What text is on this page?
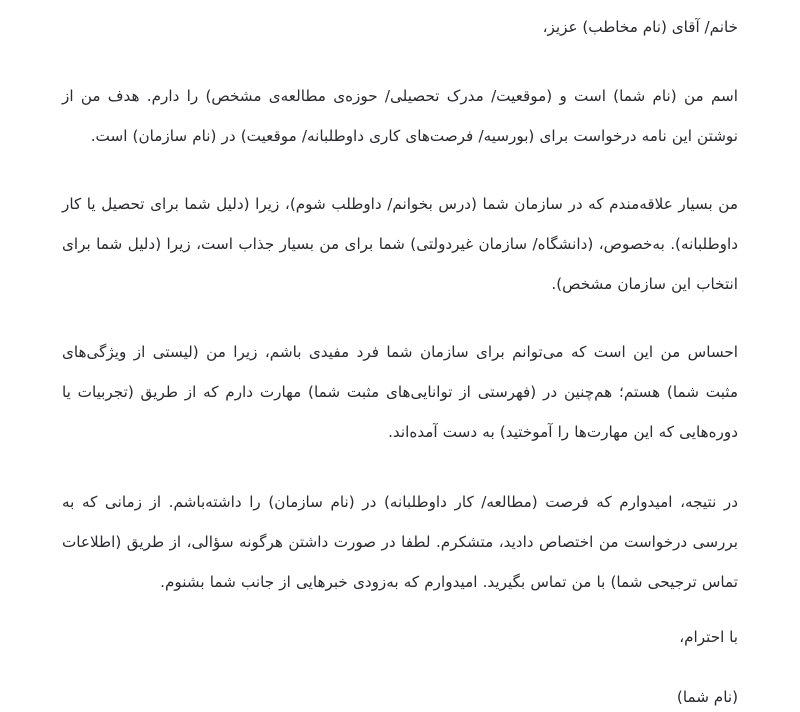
خانم/ آقای (نام مخاطب) عزیز،

اسم من (نام شما) است و (موقعیت/ مدرک تحصیلی/ حوزه‌ی مطالعه‌ی مشخص) را دارم. هدف من از نوشتن این نامه درخواست برای (بورسیه/ فرصت‌های کاری داوطلبانه/ موقعیت) در (نام سازمان) است.

من بسیار علاقه‌مندم که در سازمان شما (درس بخوانم/ داوطلب شوم)، زیرا (دلیل شما برای تحصیل یا کار داوطلبانه). به‌خصوص، (دانشگاه/ سازمان غیردولتی) شما برای من بسیار جذاب است، زیرا (دلیل شما برای انتخاب این سازمان مشخص).

احساس من این است که می‌توانم برای سازمان شما فرد مفیدی باشم، زیرا من (لیستی از ویژگی‌های مثبت شما) هستم؛ هم‌چنین در (فهرستی از توانایی‌های مثبت شما) مهارت دارم که از طریق (تجربیات یا دوره‌هایی که این مهارت‌ها را آموختید) به دست آمده‌اند.

در نتیجه، امیدوارم که فرصت (مطالعه/ کار داوطلبانه) در (نام سازمان) را داشته‌باشم. از زمانی که به بررسی درخواست من اختصاص دادید، متشکرم. لطفا در صورت داشتن هرگونه سؤالی، از طریق (اطلاعات تماس ترجیحی شما) با من تماس بگیرید. امیدوارم که به‌زودی خبرهایی از جانب شما بشنوم.

با احترام،

(نام شما)
